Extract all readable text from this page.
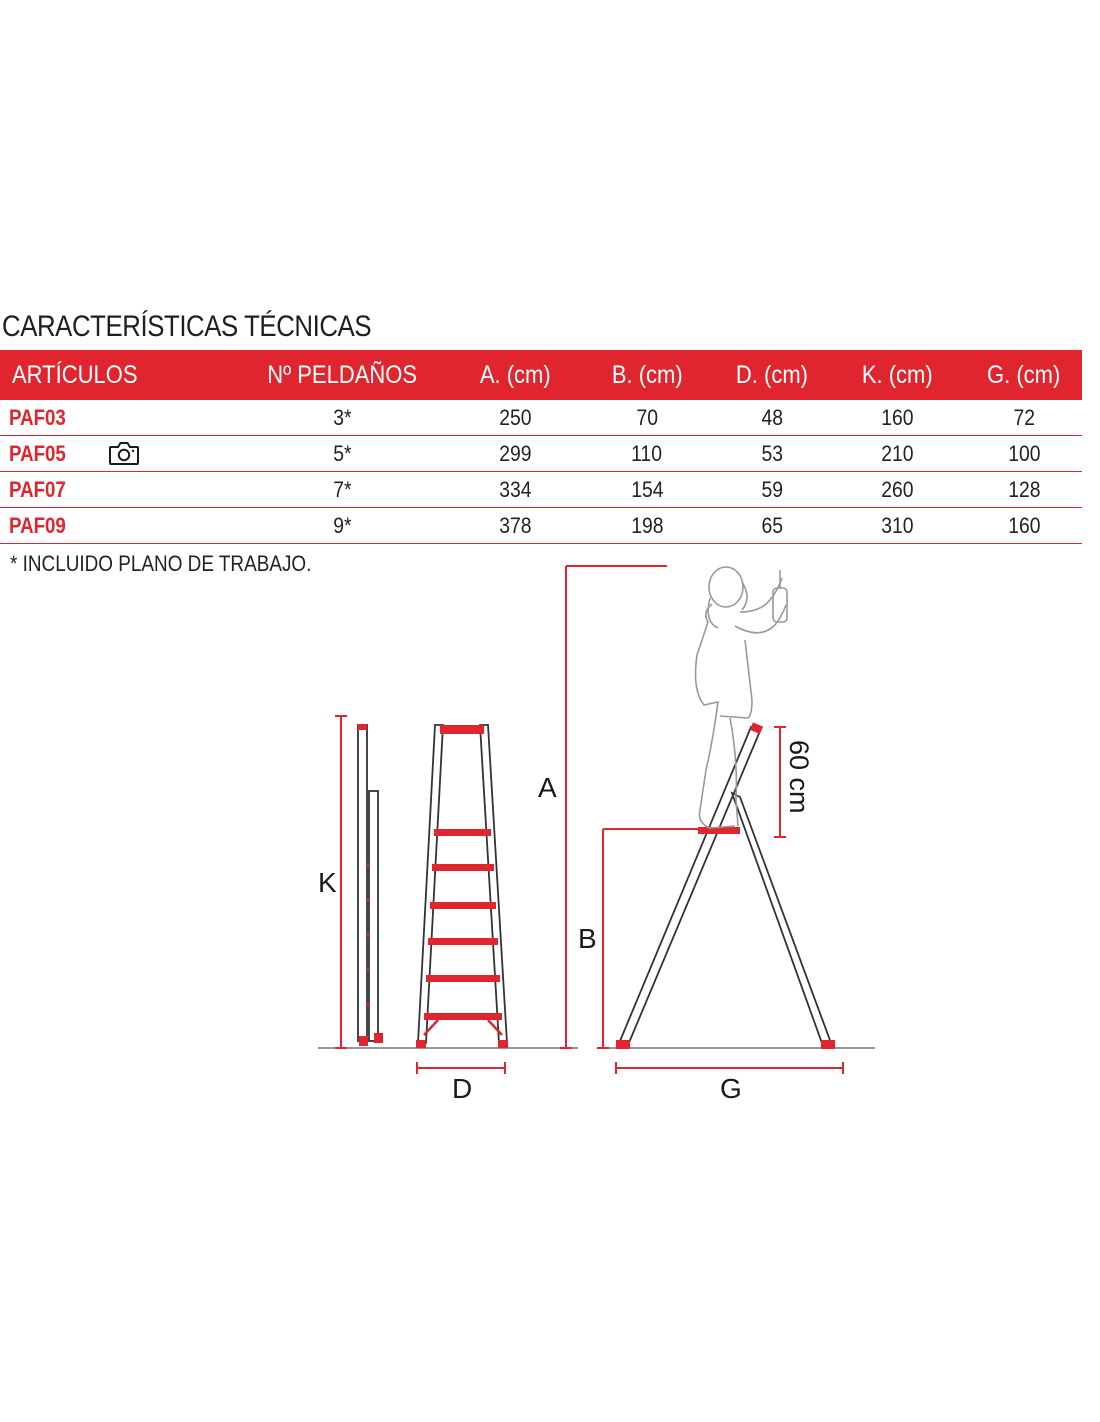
CARACTERÍSTICAS TÉCNICAS
ARTÍCULOS	Nº PELDAÑOS	A. (cm)	B. (cm)	D. (cm)	K. (cm)	G. (cm)
PAF03	3*	250	70	48	160	72
PAF05	5*	299	110	53	210	100
PAF07	7*	334	154	59	260	128
PAF09	9*	378	198	65	310	160
* INCLUIDO PLANO DE TRABAJO.
K
D
A
B
60 cm
G
